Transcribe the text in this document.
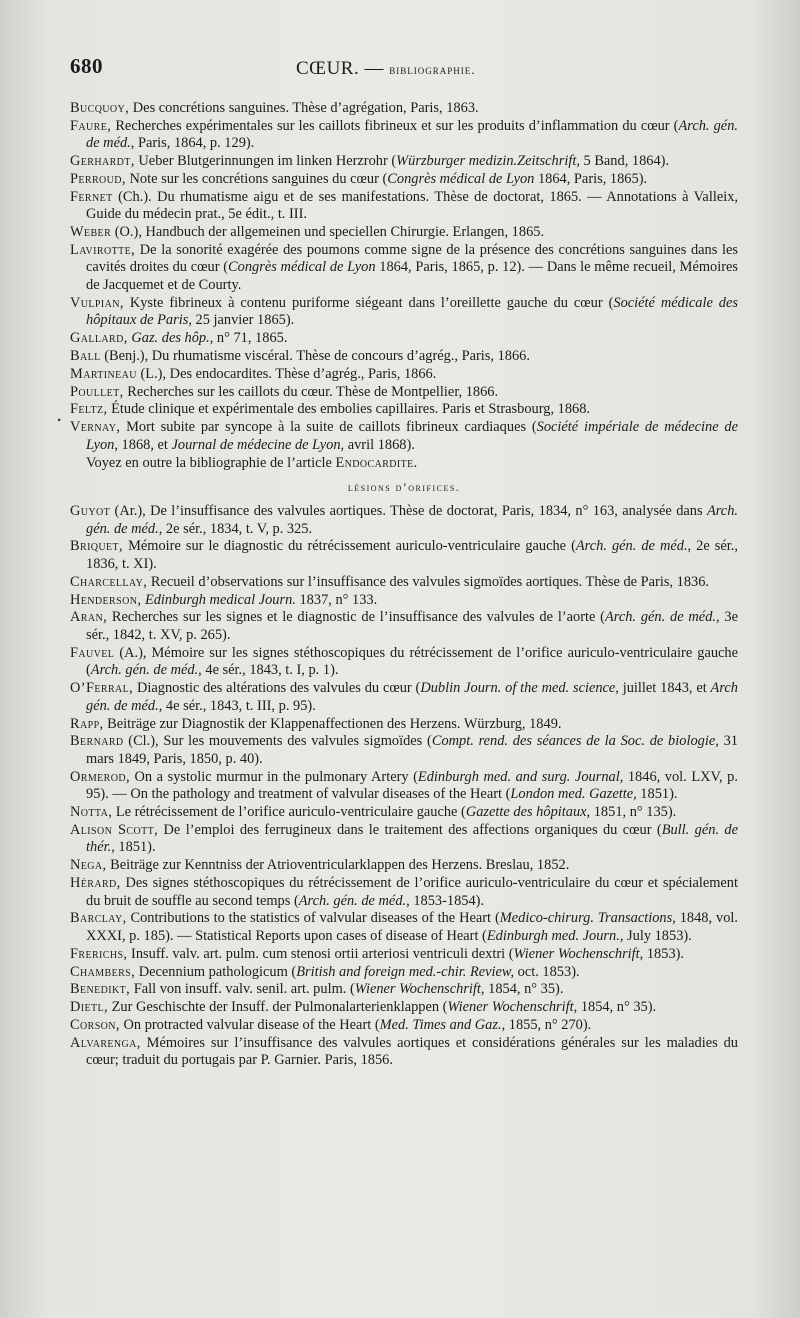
680	CŒUR. — bibliographie.
Bucquoy, Des concrétions sanguines. Thèse d’agrégation, Paris, 1863.
Faure, Recherches expérimentales sur les caillots fibrineux et sur les produits d’inflammation du cœur (Arch. gén. de méd., Paris, 1864, p. 129).
Gerhardt, Ueber Blutgerinnungen im linken Herzrohr (Würzburger medizin.Zeitschrift, 5 Band, 1864).
Perroud, Note sur les concrétions sanguines du cœur (Congrès médical de Lyon 1864, Paris, 1865).
Fernet (Ch.). Du rhumatisme aigu et de ses manifestations. Thèse de doctorat, 1865. — Annotations à Valleix, Guide du médecin prat., 5e édit., t. III.
Weber (O.), Handbuch der allgemeinen und speciellen Chirurgie. Erlangen, 1865.
Lavirotte, De la sonorité exagérée des poumons comme signe de la présence des concrétions sanguines dans les cavités droites du cœur (Congrès médical de Lyon 1864, Paris, 1865, p. 12). — Dans le même recueil, Mémoires de Jacquemet et de Courty.
Vulpian, Kyste fibrineux à contenu puriforme siégeant dans l’oreillette gauche du cœur (Société médicale des hôpitaux de Paris, 25 janvier 1865).
Gallard, Gaz. des hôp., n° 71, 1865.
Ball (Benj.), Du rhumatisme viscéral. Thèse de concours d’agrég., Paris, 1866.
Martineau (L.), Des endocardites. Thèse d’agrég., Paris, 1866.
Poullet, Recherches sur les caillots du cœur. Thèse de Montpellier, 1866.
Feltz, Étude clinique et expérimentale des embolies capillaires. Paris et Strasbourg, 1868.
Vernay, Mort subite par syncope à la suite de caillots fibrineux cardiaques (Société impériale de médecine de Lyon, 1868, et Journal de médecine de Lyon, avril 1868).

Voyez en outre la bibliographie de l’article Endocardite.

lésions d’orifices.
Guyot (Ar.), De l’insuffisance des valvules aortiques. Thèse de doctorat, Paris, 1834, n° 163, analysée dans Arch. gén. de méd., 2e sér., 1834, t. V, p. 325.
Briquet, Mémoire sur le diagnostic du rétrécissement auriculo-ventriculaire gauche (Arch. gén. de méd., 2e sér., 1836, t. XI).
Charcellay, Recueil d’observations sur l’insuffisance des valvules sigmoïdes aortiques. Thèse de Paris, 1836.
Henderson, Edinburgh medical Journ. 1837, n° 133.
Aran, Recherches sur les signes et le diagnostic de l’insuffisance des valvules de l’aorte (Arch. gén. de méd., 3e sér., 1842, t. XV, p. 265).
Fauvel (A.), Mémoire sur les signes stéthoscopiques du rétrécissement de l’orifice auriculo-ventriculaire gauche (Arch. gén. de méd., 4e sér., 1843, t. I, p. 1).
O’Ferral, Diagnostic des altérations des valvules du cœur (Dublin Journ. of the med. science, juillet 1843, et Arch gén. de méd., 4e sér., 1843, t. III, p. 95).
Rapp, Beiträge zur Diagnostik der Klappenaffectionen des Herzens. Würzburg, 1849.
Bernard (Cl.), Sur les mouvements des valvules sigmoïdes (Compt. rend. des séances de la Soc. de biologie, 31 mars 1849, Paris, 1850, p. 40).
Ormerod, On a systolic murmur in the pulmonary Artery (Edinburgh med. and surg. Journal, 1846, vol. LXV, p. 95). — On the pathology and treatment of valvular diseases of the Heart (London med. Gazette, 1851).
Notta, Le rétrécissement de l’orifice auriculo-ventriculaire gauche (Gazette des hôpitaux, 1851, n° 135).
Alison Scott, De l’emploi des ferrugineux dans le traitement des affections organiques du cœur (Bull. gén. de thér., 1851).
Nega, Beiträge zur Kenntniss der Atrioventricularklappen des Herzens. Breslau, 1852.
Hérard, Des signes stéthoscopiques du rétrécissement de l’orifice auriculo-ventriculaire du cœur et spécialement du bruit de souffle au second temps (Arch. gén. de méd., 1853-1854).
Barclay, Contributions to the statistics of valvular diseases of the Heart (Medico-chirurg. Transactions, 1848, vol. XXXI, p. 185). — Statistical Reports upon cases of disease of Heart (Edinburgh med. Journ., July 1853).
Frerichs, Insuff. valv. art. pulm. cum stenosi ortii arteriosi ventriculi dextri (Wiener Wochenschrift, 1853).
Chambers, Decennium pathologicum (British and foreign med.-chir. Review, oct. 1853).
Benedikt, Fall von insuff. valv. senil. art. pulm. (Wiener Wochenschrift, 1854, n° 35).
Dietl, Zur Geschischte der Insuff. der Pulmonalarterienklappen (Wiener Wochenschrift, 1854, n° 35).
Corson, On protracted valvular disease of the Heart (Med. Times and Gaz., 1855, n° 270).
Alvarenga, Mémoires sur l’insuffisance des valvules aortiques et considérations générales sur les maladies du cœur; traduit du portugais par P. Garnier. Paris, 1856.
•
